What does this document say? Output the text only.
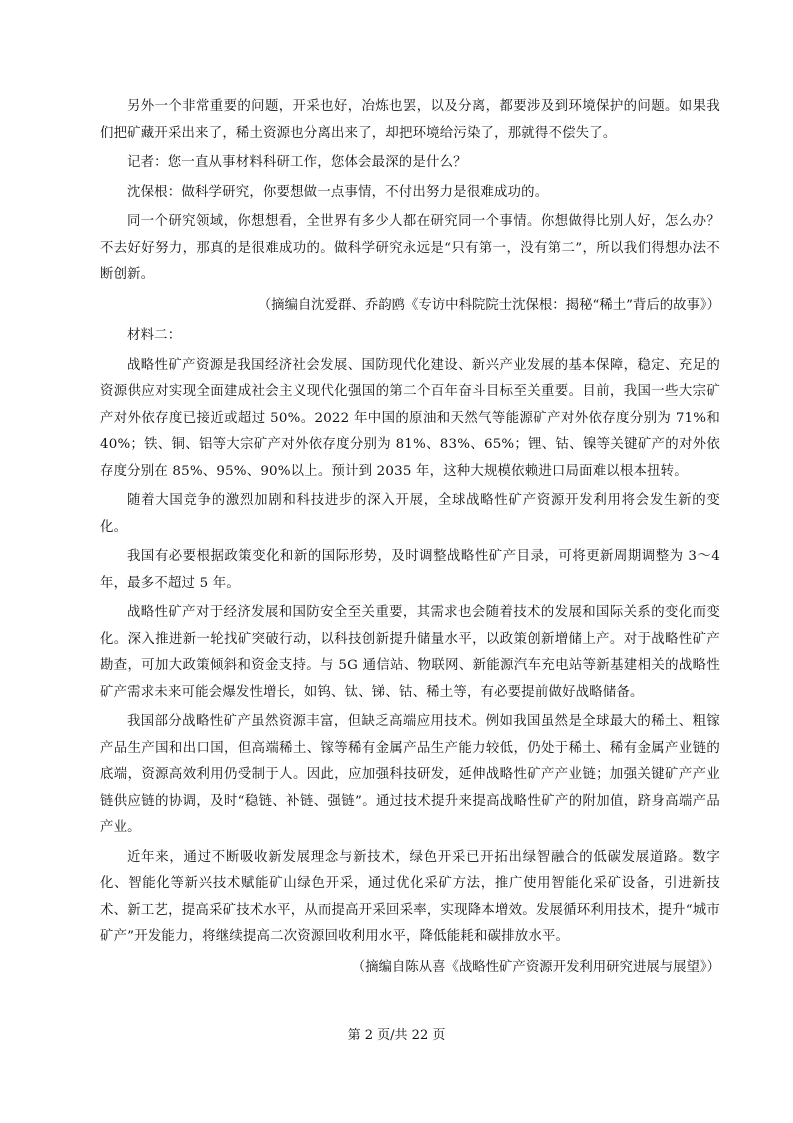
另外一个非常重要的问题，开采也好，冶炼也罢，以及分离，都要涉及到环境保护的问题。如果我们把矿藏开采出来了，稀土资源也分离出来了，却把环境给污染了，那就得不偿失了。

记者：您一直从事材料科研工作，您体会最深的是什么？

沈保根：做科学研究，你要想做一点事情，不付出努力是很难成功的。

同一个研究领域，你想想看，全世界有多少人都在研究同一个事情。你想做得比别人好，怎么办？不去好好努力，那真的是很难成功的。做科学研究永远是“只有第一，没有第二”，所以我们得想办法不断创新。

（摘编自沈爱群、乔韵鸥《专访中科院院士沈保根：揭秘“稀土”背后的故事》）

材料二：

战略性矿产资源是我国经济社会发展、国防现代化建设、新兴产业发展的基本保障，稳定、充足的资源供应对实现全面建成社会主义现代化强国的第二个百年奋斗目标至关重要。目前，我国一些大宗矿产对外依存度已接近或超过 50%。2022 年中国的原油和天然气等能源矿产对外依存度分别为 71%和 40%；铁、铜、铝等大宗矿产对外依存度分别为 81%、83%、65%；锂、钴、镍等关键矿产的对外依存度分别在 85%、95%、90%以上。预计到 2035 年，这种大规模依赖进口局面难以根本扭转。

随着大国竞争的激烈加剧和科技进步的深入开展，全球战略性矿产资源开发利用将会发生新的变化。

我国有必要根据政策变化和新的国际形势，及时调整战略性矿产目录，可将更新周期调整为 3～4 年，最多不超过 5 年。

战略性矿产对于经济发展和国防安全至关重要，其需求也会随着技术的发展和国际关系的变化而变化。深入推进新一轮找矿突破行动，以科技创新提升储量水平，以政策创新增储上产。对于战略性矿产勘查，可加大政策倾斜和资金支持。与 5G 通信站、物联网、新能源汽车充电站等新基建相关的战略性矿产需求未来可能会爆发性增长，如钨、钛、锑、钴、稀土等，有必要提前做好战略储备。

我国部分战略性矿产虽然资源丰富，但缺乏高端应用技术。例如我国虽然是全球最大的稀土、粗镓产品生产国和出口国，但高端稀土、镓等稀有金属产品生产能力较低，仍处于稀土、稀有金属产业链的底端，资源高效利用仍受制于人。因此，应加强科技研发，延伸战略性矿产产业链；加强关键矿产产业链供应链的协调，及时“稳链、补链、强链”。通过技术提升来提高战略性矿产的附加值，跻身高端产品产业。

近年来，通过不断吸收新发展理念与新技术，绿色开采已开拓出绿智融合的低碳发展道路。数字化、智能化等新兴技术赋能矿山绿色开采，通过优化采矿方法，推广使用智能化采矿设备，引进新技术、新工艺，提高采矿技术水平，从而提高开采回采率，实现降本增效。发展循环利用技术，提升“城市矿产”开发能力，将继续提高二次资源回收利用水平，降低能耗和碳排放水平。

（摘编自陈从喜《战略性矿产资源开发利用研究进展与展望》）

第 2 页/共 22 页
